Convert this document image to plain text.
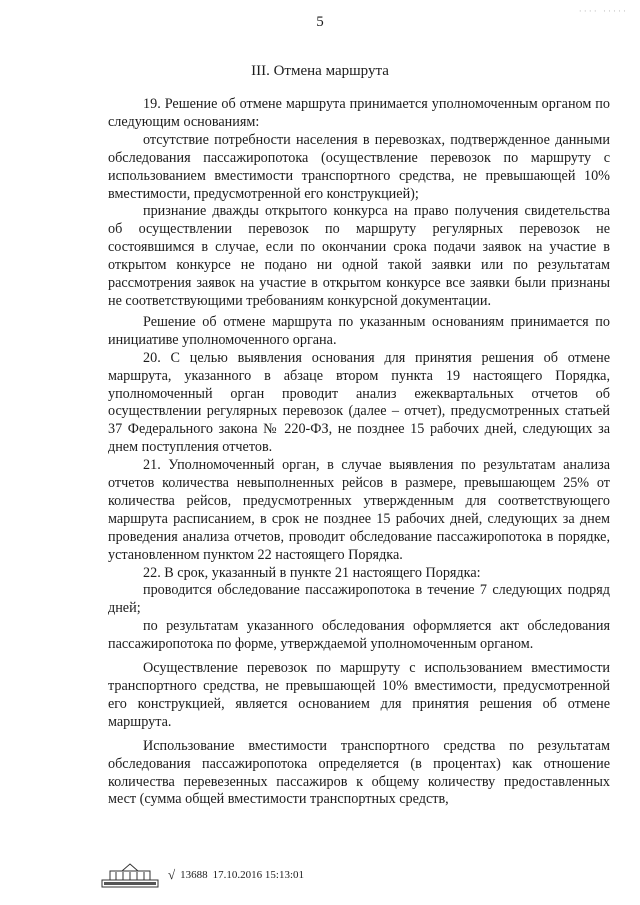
···· ·····
5
III. Отмена маршрута

19. Решение об отмене маршрута принимается уполномоченным органом по следующим основаниям:

отсутствие потребности населения в перевозках, подтвержденное данными обследования пассажиропотока (осуществление перевозок по маршруту с использованием вместимости транспортного средства, не превышающей 10% вместимости, предусмотренной его конструкцией);

признание дважды открытого конкурса на право получения свидетельства об осуществлении перевозок по маршруту регулярных перевозок не состоявшимся в случае, если по окончании срока подачи заявок на участие в открытом конкурсе не подано ни одной такой заявки или по результатам рассмотрения заявок на участие в открытом конкурсе все заявки были признаны не соответствующими требованиям конкурсной документации.

Решение об отмене маршрута по указанным основаниям принимается по инициативе уполномоченного органа.

20. С целью выявления основания для принятия решения об отмене маршрута, указанного в абзаце втором пункта 19 настоящего Порядка, уполномоченный орган проводит анализ ежеквартальных отчетов об осуществлении регулярных перевозок (далее – отчет), предусмотренных статьей 37 Федерального закона № 220-ФЗ, не позднее 15 рабочих дней, следующих за днем поступления отчетов.

21. Уполномоченный орган, в случае выявления по результатам анализа отчетов количества невыполненных рейсов в размере, превышающем 25% от количества рейсов, предусмотренных утвержденным для соответствующего маршрута расписанием, в срок не позднее 15 рабочих дней, следующих за днем проведения анализа отчетов, проводит обследование пассажиропотока в порядке, установленном пунктом 22 настоящего Порядка.

22. В срок, указанный в пункте 21 настоящего Порядка:

проводится обследование пассажиропотока в течение 7 следующих подряд дней;

по результатам указанного обследования оформляется акт обследования пассажиропотока по форме, утверждаемой уполномоченным органом.

Осуществление перевозок по маршруту с использованием вместимости транспортного средства, не превышающей 10% вместимости, предусмотренной его конструкцией, является основанием для принятия решения об отмене маршрута.

Использование вместимости транспортного средства по результатам обследования пассажиропотока определяется (в процентах) как отношение количества перевезенных пассажиров к общему количеству предоставленных мест (сумма общей вместимости транспортных средств,

√ 13688 17.10.2016 15:13:01
